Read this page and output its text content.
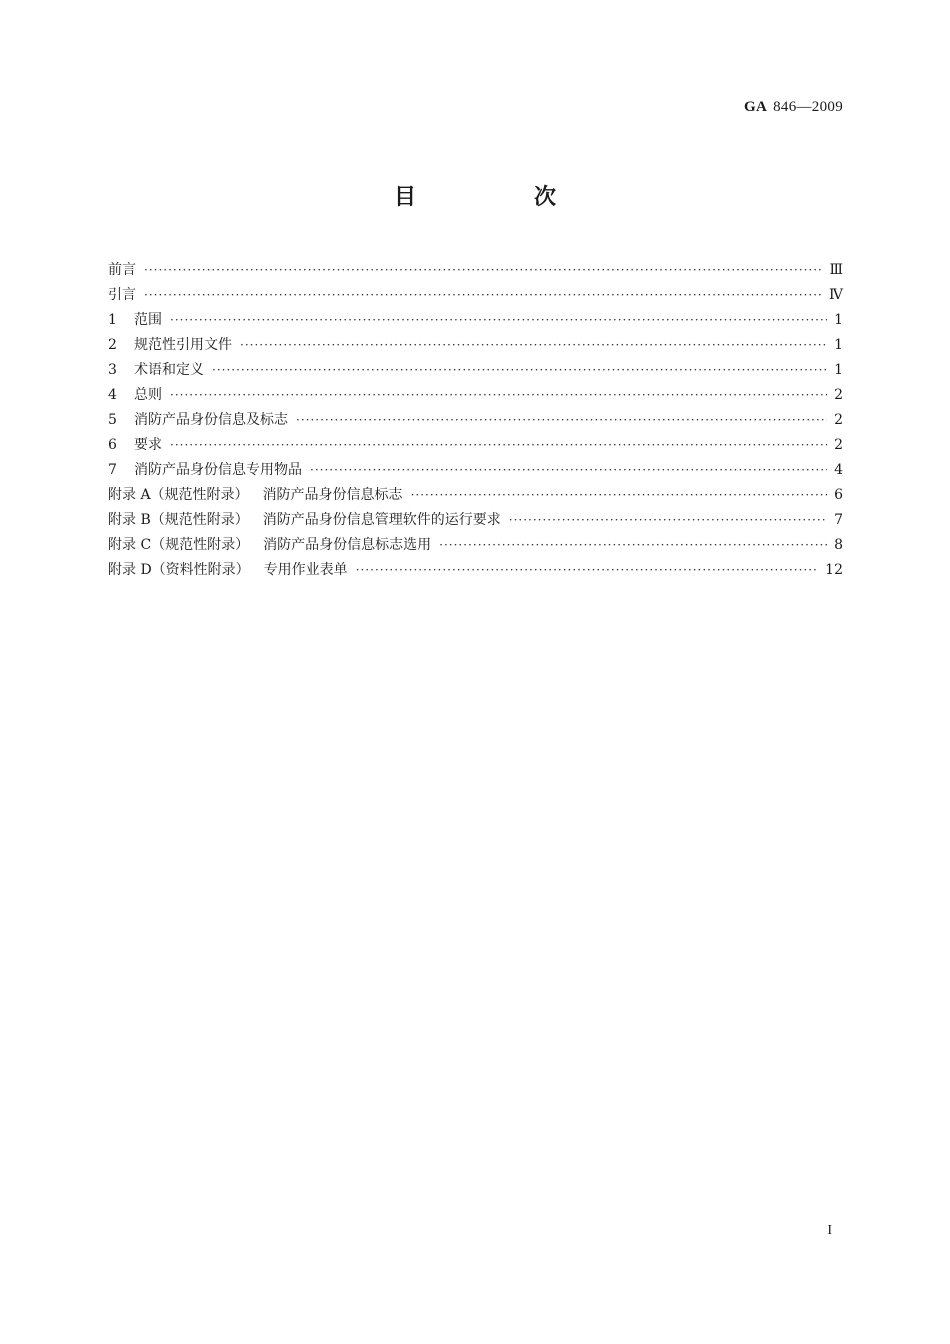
GA 846—2009
目　次
前言 ·····	Ⅲ
引言 ·····	Ⅳ
1	范围 ·····	1
2	规范性引用文件 ·····	1
3	术语和定义 ·····	1
4	总则 ·····	2
5	消防产品身份信息及标志 ·····	2
6	要求 ·····	2
7	消防产品身份信息专用物品 ·····	4
附录 A（规范性附录） 消防产品身份信息标志 ·····	6
附录 B（规范性附录） 消防产品身份信息管理软件的运行要求 ·····	7
附录 C（规范性附录） 消防产品身份信息标志选用 ·····	8
附录 D（资料性附录） 专用作业表单 ·····	12
I
